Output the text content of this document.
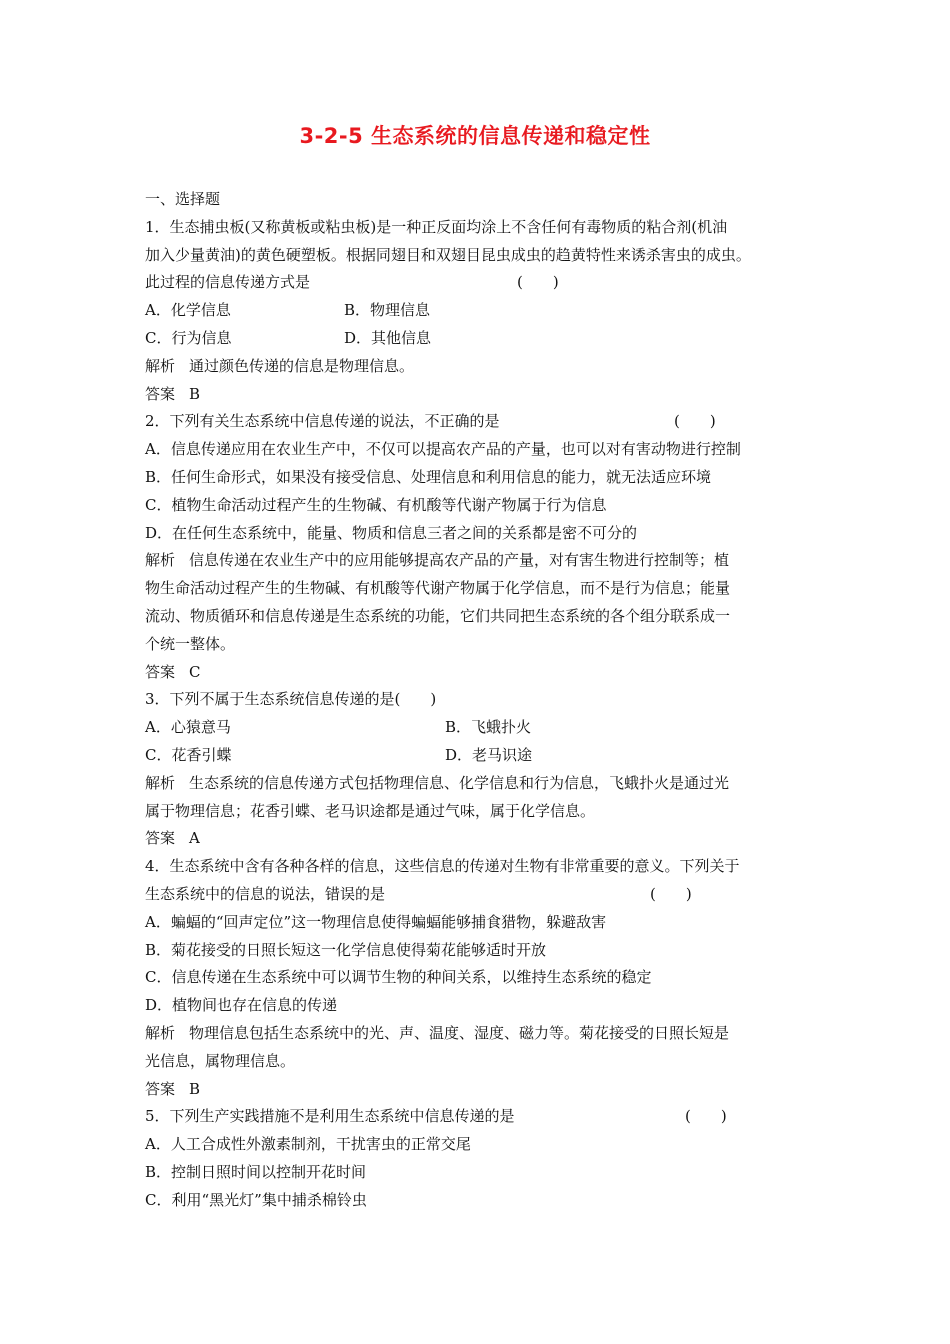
3-2-5 生态系统的信息传递和稳定性
一、选择题
1．生态捕虫板(又称黄板或粘虫板)是一种正反面均涂上不含任何有毒物质的粘合剂(机油
加入少量黄油)的黄色硬塑板。根据同翅目和双翅目昆虫成虫的趋黄特性来诱杀害虫的成虫。
此过程的信息传递方式是	(　　)
A．化学信息	B．物理信息
C．行为信息	D．其他信息
解析 通过颜色传递的信息是物理信息。
答案 B
2．下列有关生态系统中信息传递的说法，不正确的是	(　　)
A．信息传递应用在农业生产中，不仅可以提高农产品的产量，也可以对有害动物进行控制
B．任何生命形式，如果没有接受信息、处理信息和利用信息的能力，就无法适应环境
C．植物生命活动过程产生的生物碱、有机酸等代谢产物属于行为信息
D．在任何生态系统中，能量、物质和信息三者之间的关系都是密不可分的
解析 信息传递在农业生产中的应用能够提高农产品的产量，对有害生物进行控制等；植
物生命活动过程产生的生物碱、有机酸等代谢产物属于化学信息，而不是行为信息；能量
流动、物质循环和信息传递是生态系统的功能，它们共同把生态系统的各个组分联系成一
个统一整体。
答案 C
3．下列不属于生态系统信息传递的是(　　)
A．心猿意马	B．飞蛾扑火
C．花香引蝶	D．老马识途
解析 生态系统的信息传递方式包括物理信息、化学信息和行为信息，飞蛾扑火是通过光
属于物理信息；花香引蝶、老马识途都是通过气味，属于化学信息。
答案 A
4．生态系统中含有各种各样的信息，这些信息的传递对生物有非常重要的意义。下列关于
生态系统中的信息的说法，错误的是	(　　)
A．蝙蝠的“回声定位”这一物理信息使得蝙蝠能够捕食猎物，躲避敌害
B．菊花接受的日照长短这一化学信息使得菊花能够适时开放
C．信息传递在生态系统中可以调节生物的种间关系，以维持生态系统的稳定
D．植物间也存在信息的传递
解析 物理信息包括生态系统中的光、声、温度、湿度、磁力等。菊花接受的日照长短是
光信息，属物理信息。
答案 B
5．下列生产实践措施不是利用生态系统中信息传递的是	(　　)
A．人工合成性外激素制剂，干扰害虫的正常交尾
B．控制日照时间以控制开花时间
C．利用“黑光灯”集中捕杀棉铃虫
